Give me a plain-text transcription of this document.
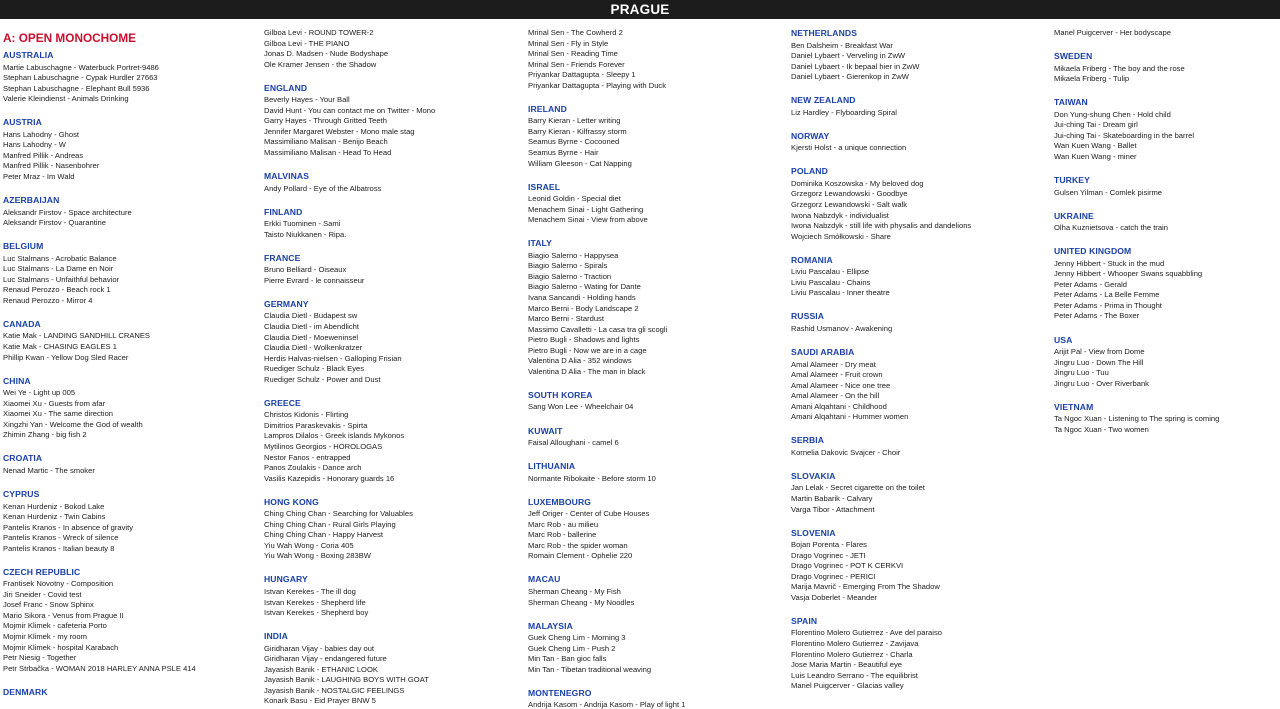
PRAGUE
A: OPEN MONOCHOME
AUSTRALIA
Martie Labuschagne - Waterbuck Portret-9486
Stephan Labuschagne - Cypak Hurdler 27663
Stephan Labuschagne - Elephant Bull 5936
Valerie Kleindienst - Animals Drinking
AUSTRIA
Hans Lahodny - Ghost
Hans Lahodny - W
Manfred Pillik - Andreas
Manfred Pillik - Nasenbohrer
Peter Mraz - Im Wald
AZERBAIJAN
Aleksandr Firstov - Space architecture
Aleksandr Firstov - Quarantine
BELGIUM
Luc Stalmans - Acrobatic Balance
Luc Stalmans - La Dame en Noir
Luc Stalmans - Unfaithful behavior
Renaud Perozzo - Beach rock 1
Renaud Perozzo - Mirror 4
CANADA
Katie Mak - LANDING SANDHILL CRANES
Katie Mak - CHASING EAGLES 1
Phillip Kwan - Yellow Dog Sled Racer
CHINA
Wei Ye - Light up 005
Xiaomei Xu - Guests from afar
Xiaomei Xu - The same direction
Xingzhi Yan - Welcome the God of wealth
Zhimin Zhang - big fish 2
CROATIA
Nenad Martic - The smoker
CYPRUS
Kenan Hurdeniz - Bokod Lake
Kenan Hurdeniz - Twin Cabins
Pantelis Kranos - In absence of gravity
Pantelis Kranos - Wreck of silence
Pantelis Kranos - Italian beauty 8
CZECH REPUBLIC
Frantisek Novotny - Composition
Jiri Sneider - Covid test
Josef Franc - Snow Sphinx
Mario Sikora - Venus from Prague II
Mojmir Klimek - cafeteria Porto
Mojmir Klimek - my room
Mojmir Klimek - hospital Karabach
Petr Niesig - Together
Petr Strbačka - WOMAN 2018 HARLEY ANNA PSLE 414
DENMARK
Gilboa Levi - ROUND TOWER-2
Gilboa Levi - THE PIANO
Jonas D. Madsen - Nude Bodyshape
Ole Kramer Jensen - the Shadow
ENGLAND
Beverly Hayes - Your Ball
David Hunt - You can contact me on Twitter - Mono
Garry Hayes - Through Gritted Teeth
Jennifer Margaret Webster - Mono male stag
Massimiliano Malisan - Benijo Beach
Massimiliano Malisan - Head To Head
MALVINAS
Andy Pollard - Eye of the Albatross
FINLAND
Erkki Tuominen - Sami
Taisto Niukkanen - Ripa.
FRANCE
Bruno Belliard - Oiseaux
Pierre Evrard - le connaisseur
GERMANY
Claudia Dietl - Budapest sw
Claudia Dietl - im Abendlicht
Claudia Dietl - Moeweninsel
Claudia Dietl - Wolkenkratzer
Herdis Halvas-nielsen - Galloping Frisian
Ruediger Schulz - Black Eyes
Ruediger Schulz - Power and Dust
GREECE
Christos Kidonis - Flirting
Dimitrios Paraskevakis - Spirta
Lampros Dilalos - Greek islands Mykonos
Mytilinos Georgios - HOROLOGAS
Nestor Fanos - entrapped
Panos Zoulakis - Dance arch
Vasilis Kazepidis - Honorary guards 16
HONG KONG
Ching Ching Chan - Searching for Valuables
Ching Ching Chan - Rural Girls Playing
Ching Ching Chan - Happy Harvest
Yiu Wah Wong - Coria 405
Yiu Wah Wong - Boxing 283BW
HUNGARY
Istvan Kerekes - The ill dog
Istvan Kerekes - Shepherd life
Istvan Kerekes - Shepherd boy
INDIA
Giridharan Vijay - babies day out
Giridharan Vijay - endangered future
Jayasish Banik - ETHANIC LOOK
Jayasish Banik - LAUGHING BOYS WITH GOAT
Jayasish Banik - NOSTALGIC FEELINGS
Konark Basu - Eid Prayer BNW 5
Mrinal Sen - The Cowherd 2
Mrinal Sen - Fly in Style
Mrinal Sen - Reading Time
Mrinal Sen - Friends Forever
Priyankar Dattagupta - Sleepy 1
Priyankar Dattagupta - Playing with Duck
IRELAND
Barry Kieran - Letter writing
Barry Kieran - Kilfrassy storm
Seamus Byrne - Cocooned
Seamus Byrne - Hair
William Gleeson - Cat Napping
ISRAEL
Leonid Goldin - Special diet
Menachem Sinai - Light Gathering
Menachem Sinai - View from above
ITALY
Biagio Salerno - Happysea
Biagio Salerno - Spirals
Biagio Salerno - Traction
Biagio Salerno - Wating for Dante
Ivana Sancandi - Holding hands
Marco Berni - Body Landscape 2
Marco Berni - Stardust
Massimo Cavalletti - La casa tra gli scogli
Pietro Bugli - Shadows and lights
Pietro Bugli - Now we are in a cage
Valentina D Alia - 352 windows
Valentina D Alia - The man in black
SOUTH KOREA
Sang Won Lee - Wheelchair 04
KUWAIT
Faisal Alloughani - camel 6
LITHUANIA
Normante Ribokaite - Before storm 10
LUXEMBOURG
Jeff Origer - Center of Cube Houses
Marc Rob - au milieu
Marc Rob - ballerine
Marc Rob - the spider woman
Romain Clement - Ophelie 220
MACAU
Sherman Cheang - My Fish
Sherman Cheang - My Noodles
MALAYSIA
Guek Cheng Lim - Morning 3
Guek Cheng Lim - Push 2
Min Tan - Ban gioc falls
Min Tan - Tibetan traditional weaving
MONTENEGRO
Andrija Kasom - Andrija Kasom - Play of light 1
NETHERLANDS
Ben Dalsheim - Breakfast War
Daniel Lybaert - Verveling in ZwW
Daniel Lybaert - Ik bepaal hier in ZwW
Daniel Lybaert - Gierenkop in ZwW
NEW ZEALAND
Liz Hardley - Flyboarding Spiral
NORWAY
Kjersti Holst - a unique connection
POLAND
Dominika Koszowska - My beloved dog
Grzegorz Lewandowski - Goodbye
Grzegorz Lewandowski - Salt walk
Iwona Nabzdyk - individualist
Iwona Nabzdyk - still life with physalis and dandelions
Wojciech Smółkowski - Share
ROMANIA
Liviu Pascalau - Ellipse
Liviu Pascalau - Chains
Liviu Pascalau - Inner theatre
RUSSIA
Rashid Usmanov - Awakening
SAUDI ARABIA
Amal Alameer - Dry meat
Amal Alameer - Fruit crown
Amal Alameer - Nice one tree
Amal Alameer - On the hill
Amani Alqahtani - Childhood
Amani Alqahtani - Hummer women
SERBIA
Kornelia Dakovic Svajcer - Choir
SLOVAKIA
Jan Lelak - Secret cigarette on the toilet
Martin Babarik - Calvary
Varga Tibor - Attachment
SLOVENIA
Bojan Porenta - Flares
Drago Vogrinec - JETI
Drago Vogrinec - POT K CERKVI
Drago Vogrinec - PERICI
Marija Mavrič - Emerging From The Shadow
Vasja Doberlet - Meander
SPAIN
Florentino Molero Gutierrez - Ave del paraiso
Florentino Molero Gutierrez - Zavijava
Florentino Molero Gutierrez - Charla
Jose Maria Martin - Beautiful eye
Luis Leandro Serrano - The equilibrist
Manel Puigcerver - Glacias valley
Manel Puigcerver - Her bodyscape
SWEDEN
Mikaela Friberg - The boy and the rose
Mikaela Friberg - Tulip
TAIWAN
Don Yung-shung Chen - Hold child
Jui-ching Tai - Dream girl
Jui-ching Tai - Skateboarding in the barrel
Wan Kuen Wang - Ballet
Wan Kuen Wang - miner
TURKEY
Gulsen Yilman - Comlek pisirme
UKRAINE
Olha Kuznietsova - catch the train
UNITED KINGDOM
Jenny Hibbert - Stuck in the mud
Jenny Hibbert - Whooper Swans squabbling
Peter Adams - Gerald
Peter Adams - La Belle Femme
Peter Adams - Prima in Thought
Peter Adams - The Boxer
USA
Arijit Pal - View from Dome
Jingru Luo - Down The Hill
Jingru Luo - Tuu
Jingru Luo - Over Riverbank
VIETNAM
Ta Ngoc Xuan - Listening to The spring is coming
Ta Ngoc Xuan - Two women
